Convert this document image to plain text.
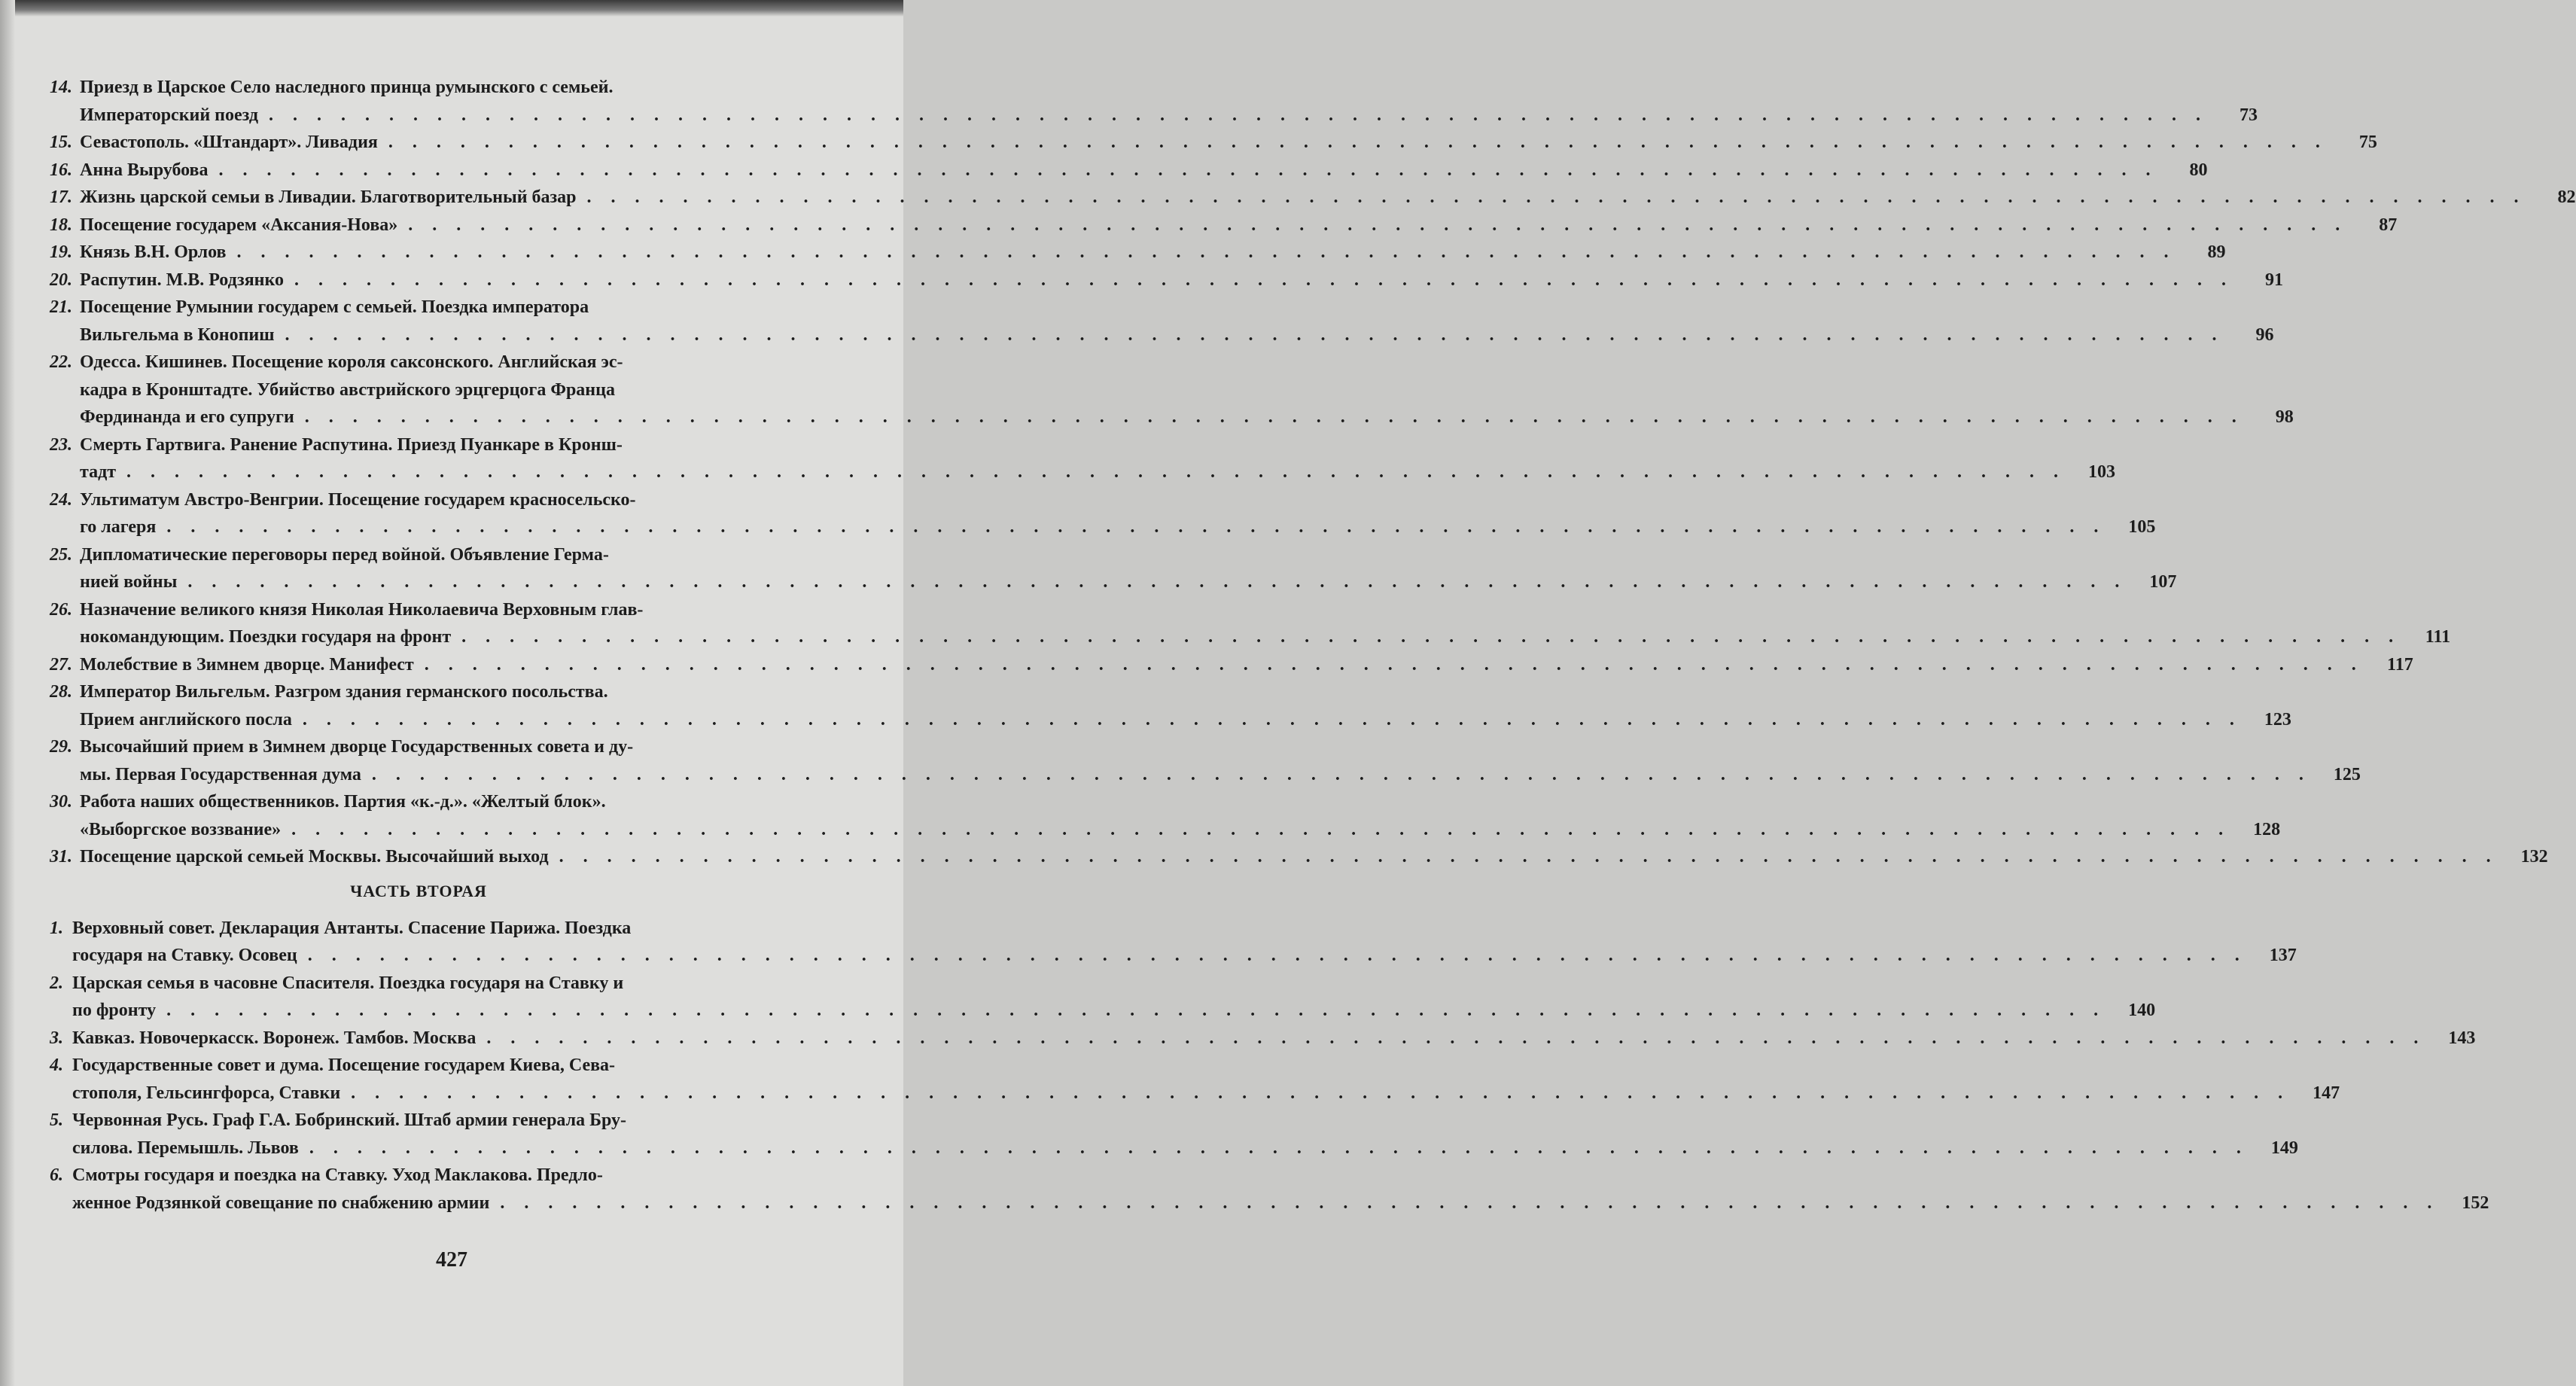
14. Приезд в Царское Село наследного принца румынского с семьей.
Императорский поезд . . .	73
15. Севастополь. «Штандарт». Ливадия . . .	75
16. Анна Вырубова . . .	80
17. Жизнь царской семьи в Ливадии. Благотворительный базар . . .	82
18. Посещение государем «Аксания-Нова» . . .	87
19. Князь В.Н. Орлов . . .	89
20. Распутин. М.В. Родзянко . . .	91
21. Посещение Румынии государем с семьей. Поездка императора
Вильгельма в Конопиш . . .	96
22. Одесса. Кишинев. Посещение короля саксонского. Английская эс-
кадра в Кронштадте. Убийство австрийского эрцгерцога Франца
Фердинанда и его супруги . . .	98
23. Смерть Гартвига. Ранение Распутина. Приезд Пуанкаре в Кронш-
тадт . . .	103
24. Ультиматум Австро-Венгрии. Посещение государем красносельско-
го лагеря . . .	105
25. Дипломатические переговоры перед войной. Объявление Герма-
нией войны . . .	107
26. Назначение великого князя Николая Николаевича Верховным глав-
нокомандующим. Поездки государя на фронт . . .	111
27. Молебствие в Зимнем дворце. Манифест . . .	117
28. Император Вильгельм. Разгром здания германского посольства.
Прием английского посла . . .	123
29. Высочайший прием в Зимнем дворце Государственных совета и ду-
мы. Первая Государственная дума . . .	125
30. Работа наших общественников. Партия «к.-д.». «Желтый блок».
«Выборгское воззвание» . . .	128
31. Посещение царской семьей Москвы. Высочайший выход . . .	132
ЧАСТЬ ВТОРАЯ
1. Верховный совет. Декларация Антанты. Спасение Парижа. Поездка
государя на Ставку. Осовец . . .	137
2. Царская семья в часовне Спасителя. Поездка государя на Ставку и
по фронту . . .	140
3. Кавказ. Новочеркасск. Воронеж. Тамбов. Москва . . .	143
4. Государственные совет и дума. Посещение государем Киева, Сева-
стополя, Гельсингфорса, Ставки . . .	147
5. Червонная Русь. Граф Г.А. Бобринский. Штаб армии генерала Бру-
силова. Перемышль. Львов . . .	149
6. Смотры государя и поездка на Ставку. Уход Маклакова. Предло-
женное Родзянкой совещание по снабжению армии . . .	152
427
